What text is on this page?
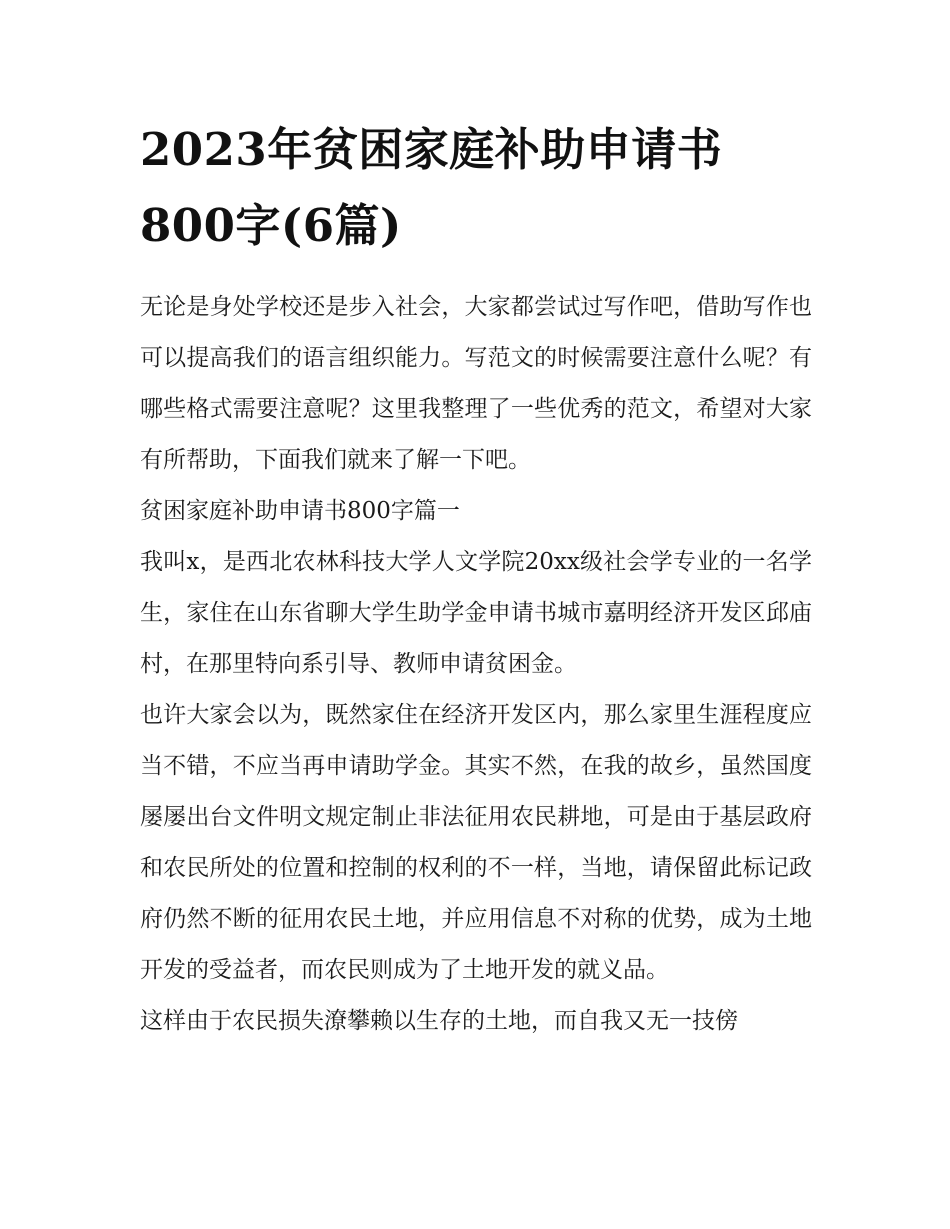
2023年贫困家庭补助申请书800字(6篇)

无论是身处学校还是步入社会，大家都尝试过写作吧，借助写作也可以提高我们的语言组织能力。写范文的时候需要注意什么呢？有哪些格式需要注意呢？这里我整理了一些优秀的范文，希望对大家有所帮助，下面我们就来了解一下吧。

贫困家庭补助申请书800字篇一

我叫x，是西北农林科技大学人文学院20xx级社会学专业的一名学生，家住在山东省聊大学生助学金申请书城市嘉明经济开发区邱庙村，在那里特向系引导、教师申请贫困金。

也许大家会以为，既然家住在经济开发区内，那么家里生涯程度应当不错，不应当再申请助学金。其实不然，在我的故乡，虽然国度屡屡出台文件明文规定制止非法征用农民耕地，可是由于基层政府和农民所处的位置和控制的权利的不一样，当地，请保留此标记政府仍然不断的征用农民土地，并应用信息不对称的优势，成为土地开发的受益者，而农民则成为了土地开发的就义品。

这样由于农民损失潦攀赖以生存的土地，而自我又无一技傍
